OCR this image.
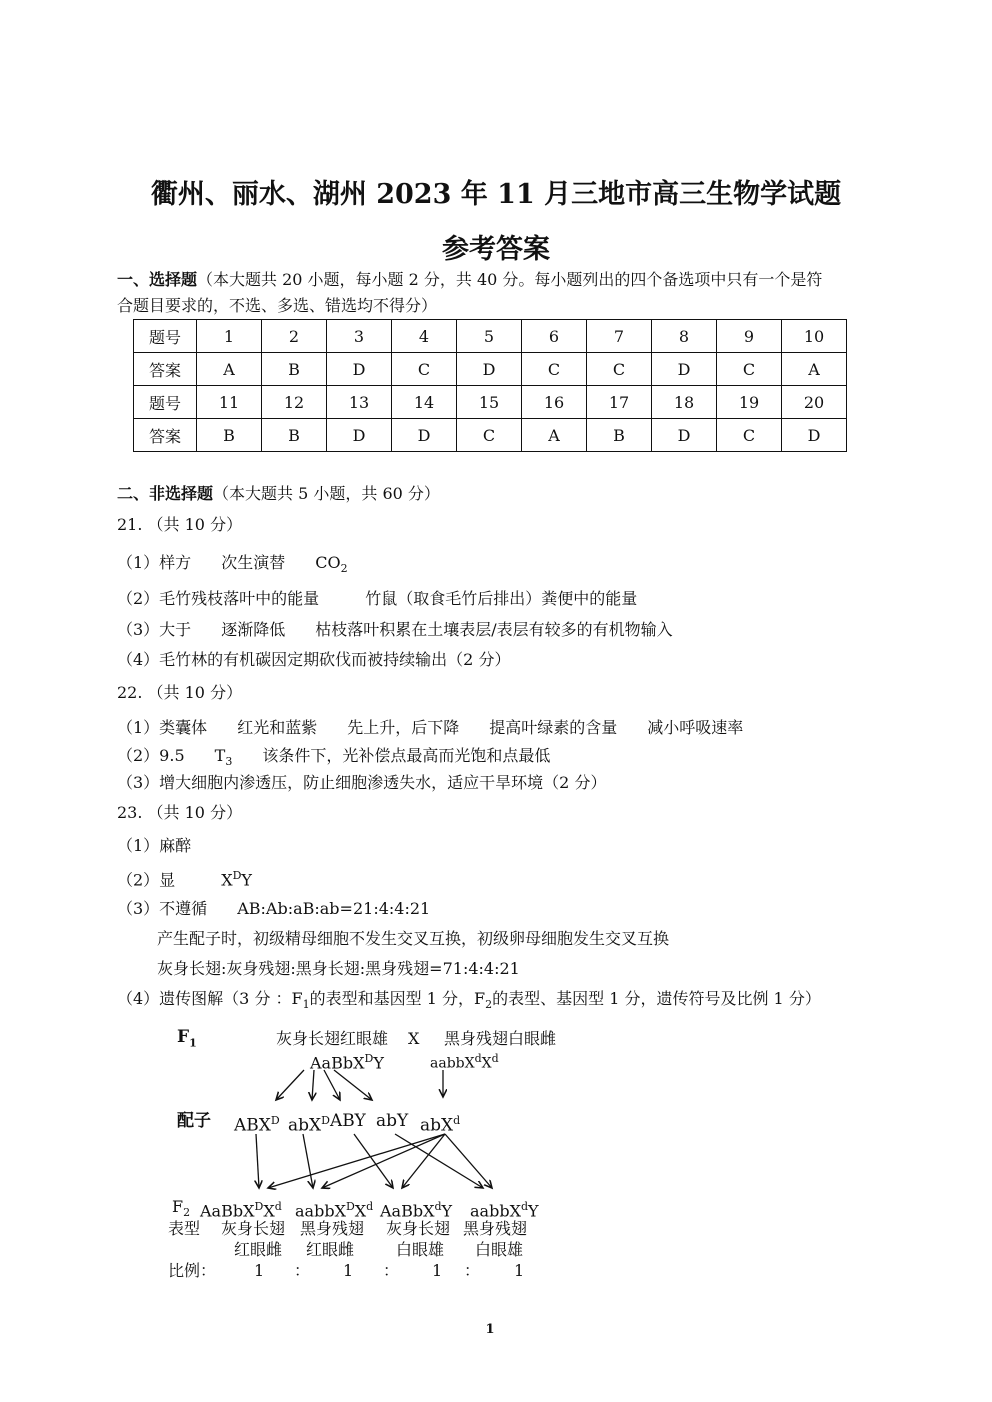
衢州、丽水、湖州 2023 年 11 月三地市高三生物学试题
参考答案
一、选择题（本大题共 20 小题，每小题 2 分，共 40 分。每小题列出的四个备选项中只有一个是符
合题目要求的，不选、多选、错选均不得分）
题号	1	2	3	4	5	6	7	8	9	10
答案	A	B	D	C	D	C	C	D	C	A
题号	11	12	13	14	15	16	17	18	19	20
答案	B	B	D	D	C	A	B	D	C	D
二、非选择题（本大题共 5 小题，共 60 分）
21. （共 10 分）
（1）样方 次生演替 $CO_2$
（2）毛竹残枝落叶中的能量	竹鼠（取食毛竹后排出）粪便中的能量
（3）大于 逐渐降低 枯枝落叶积累在土壤表层/表层有较多的有机物输入
（4）毛竹林的有机碳因定期砍伐而被持续输出（2 分）
22. （共 10 分）
（1）类囊体 红光和蓝紫 先上升，后下降 提高叶绿素的含量 减小呼吸速率
（2）9.5 $T_3$ 该条件下，光补偿点最高而光饱和点最低
（3）增大细胞内渗透压，防止细胞渗透失水，适应干旱环境（2 分）
23. （共 10 分）
（1）麻醉
（2）显	$X^DY$
（3）不遵循 AB:Ab:aB:ab=21:4:4:21
产生配子时，初级精母细胞不发生交叉互换，初级卵母细胞发生交叉互换
灰身长翅:灰身残翅:黑身长翅:黑身残翅=71:4:4:21
（4）遗传图解（3 分 ：$F_1$的表型和基因型 1 分，$F_2$的表型、基因型 1 分，遗传符号及比例 1 分）
$F_1$	灰身长翅红眼雄 X 黑身残翅白眼雌
AaBbX$^D$Y	$aabbX^dX^d$
配子 $ABX^D$ abX$^D$ ABY abY abX$^d$
$F_2$ $AaBbX^DX^d$ $aabbX^DX^d$ AaBbX$^d$Y aabbX$^d$Y
表型 灰身长翅 黑身残翅 灰身长翅 黑身残翅
红眼雌 红眼雌	白眼雄 白眼雄
比例： 1 ： 1 ： 1 ： 1
1
